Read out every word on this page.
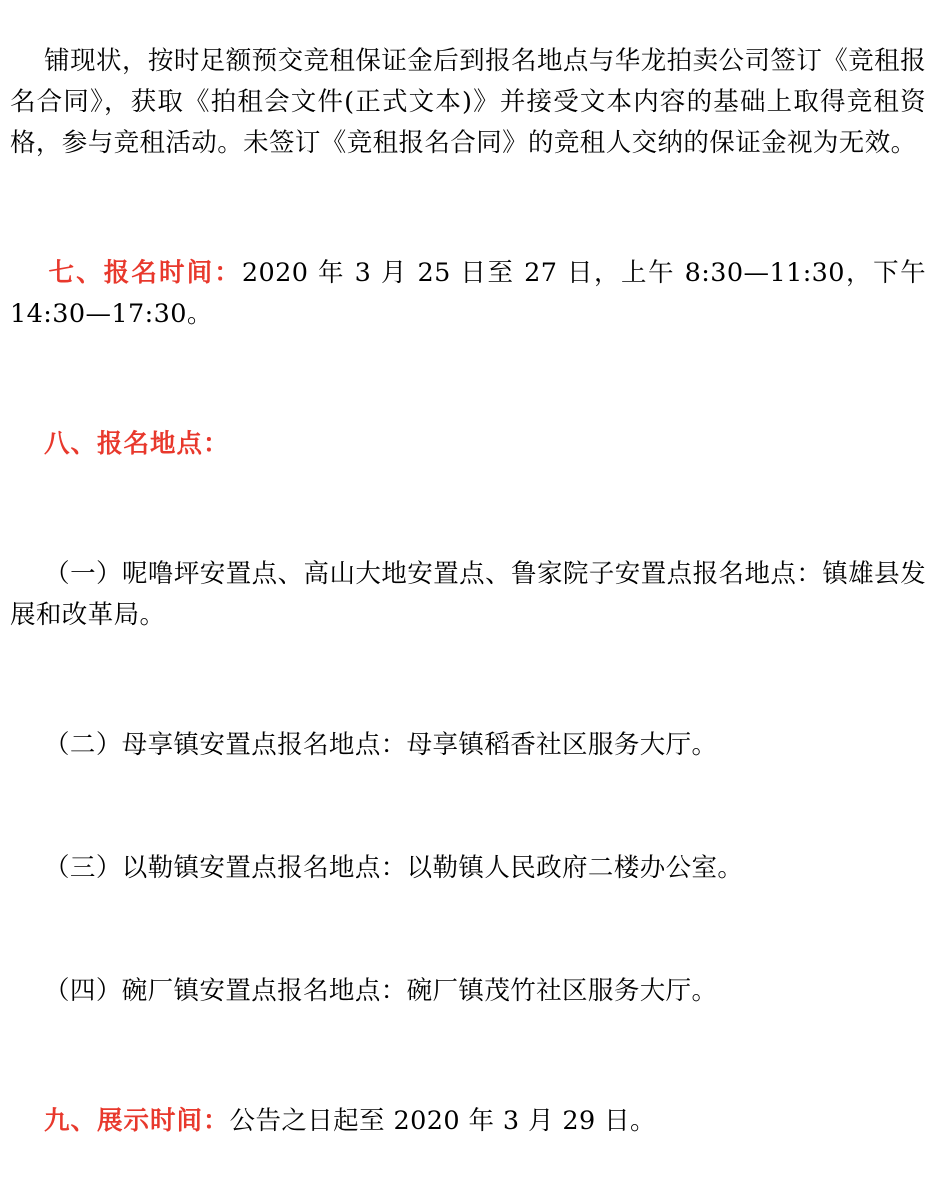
铺现状，按时足额预交竞租保证金后到报名地点与华龙拍卖公司签订《竞租报名合同》，获取《拍租会文件(正式文本)》并接受文本内容的基础上取得竞租资格，参与竞租活动。未签订《竞租报名合同》的竞租人交纳的保证金视为无效。

七、报名时间：2020 年 3 月 25 日至 27 日，上午 8:30—11:30，下午 14:30—17:30。

八、报名地点：

（一）呢噜坪安置点、高山大地安置点、鲁家院子安置点报名地点：镇雄县发展和改革局。

（二）母享镇安置点报名地点：母享镇稻香社区服务大厅。

（三）以勒镇安置点报名地点：以勒镇人民政府二楼办公室。

（四）碗厂镇安置点报名地点：碗厂镇茂竹社区服务大厅。

九、展示时间：公告之日起至 2020 年 3 月 29 日。
